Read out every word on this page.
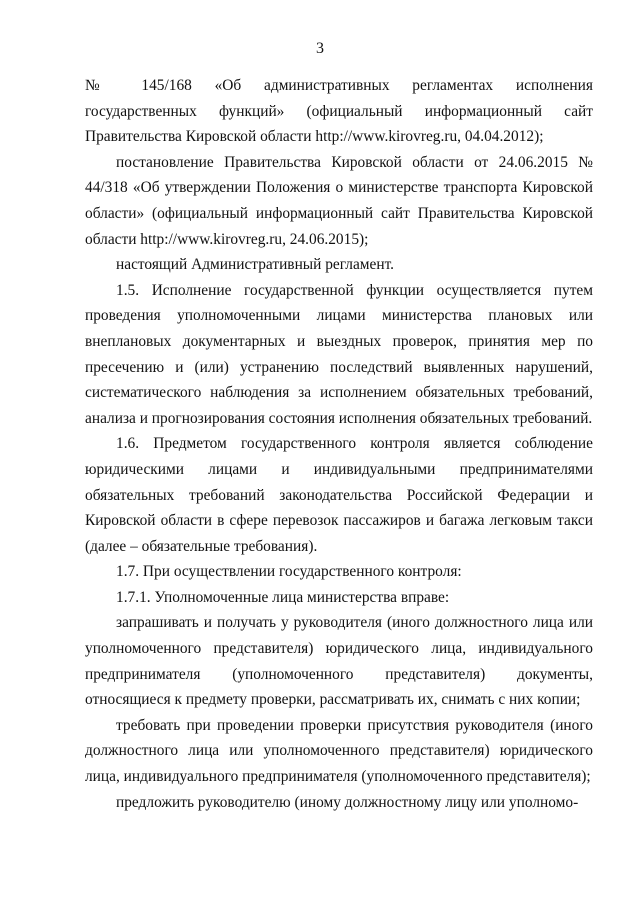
3

№ 145/168 «Об административных регламентах исполнения государственных функций» (официальный информационный сайт Правительства Кировской области http://www.kirovreg.ru, 04.04.2012);

постановление Правительства Кировской области от 24.06.2015 № 44/318 «Об утверждении Положения о министерстве транспорта Кировской области» (официальный информационный сайт Правительства Кировской области http://www.kirovreg.ru, 24.06.2015);

настоящий Административный регламент.

1.5. Исполнение государственной функции осуществляется путем проведения уполномоченными лицами министерства плановых или внеплановых документарных и выездных проверок, принятия мер по пресечению и (или) устранению последствий выявленных нарушений, систематического наблюдения за исполнением обязательных требований, анализа и прогнозирования состояния исполнения обязательных требований.

1.6. Предметом государственного контроля является соблюдение юридическими лицами и индивидуальными предпринимателями обязательных требований законодательства Российской Федерации и Кировской области в сфере перевозок пассажиров и багажа легковым такси (далее – обязательные требования).

1.7. При осуществлении государственного контроля:

1.7.1. Уполномоченные лица министерства вправе:

запрашивать и получать у руководителя (иного должностного лица или уполномоченного представителя) юридического лица, индивидуального предпринимателя (уполномоченного представителя) документы, относящиеся к предмету проверки, рассматривать их, снимать с них копии;

требовать при проведении проверки присутствия руководителя (иного должностного лица или уполномоченного представителя) юридического лица, индивидуального предпринимателя (уполномоченного представителя);

предложить руководителю (иному должностному лицу или уполномо-
